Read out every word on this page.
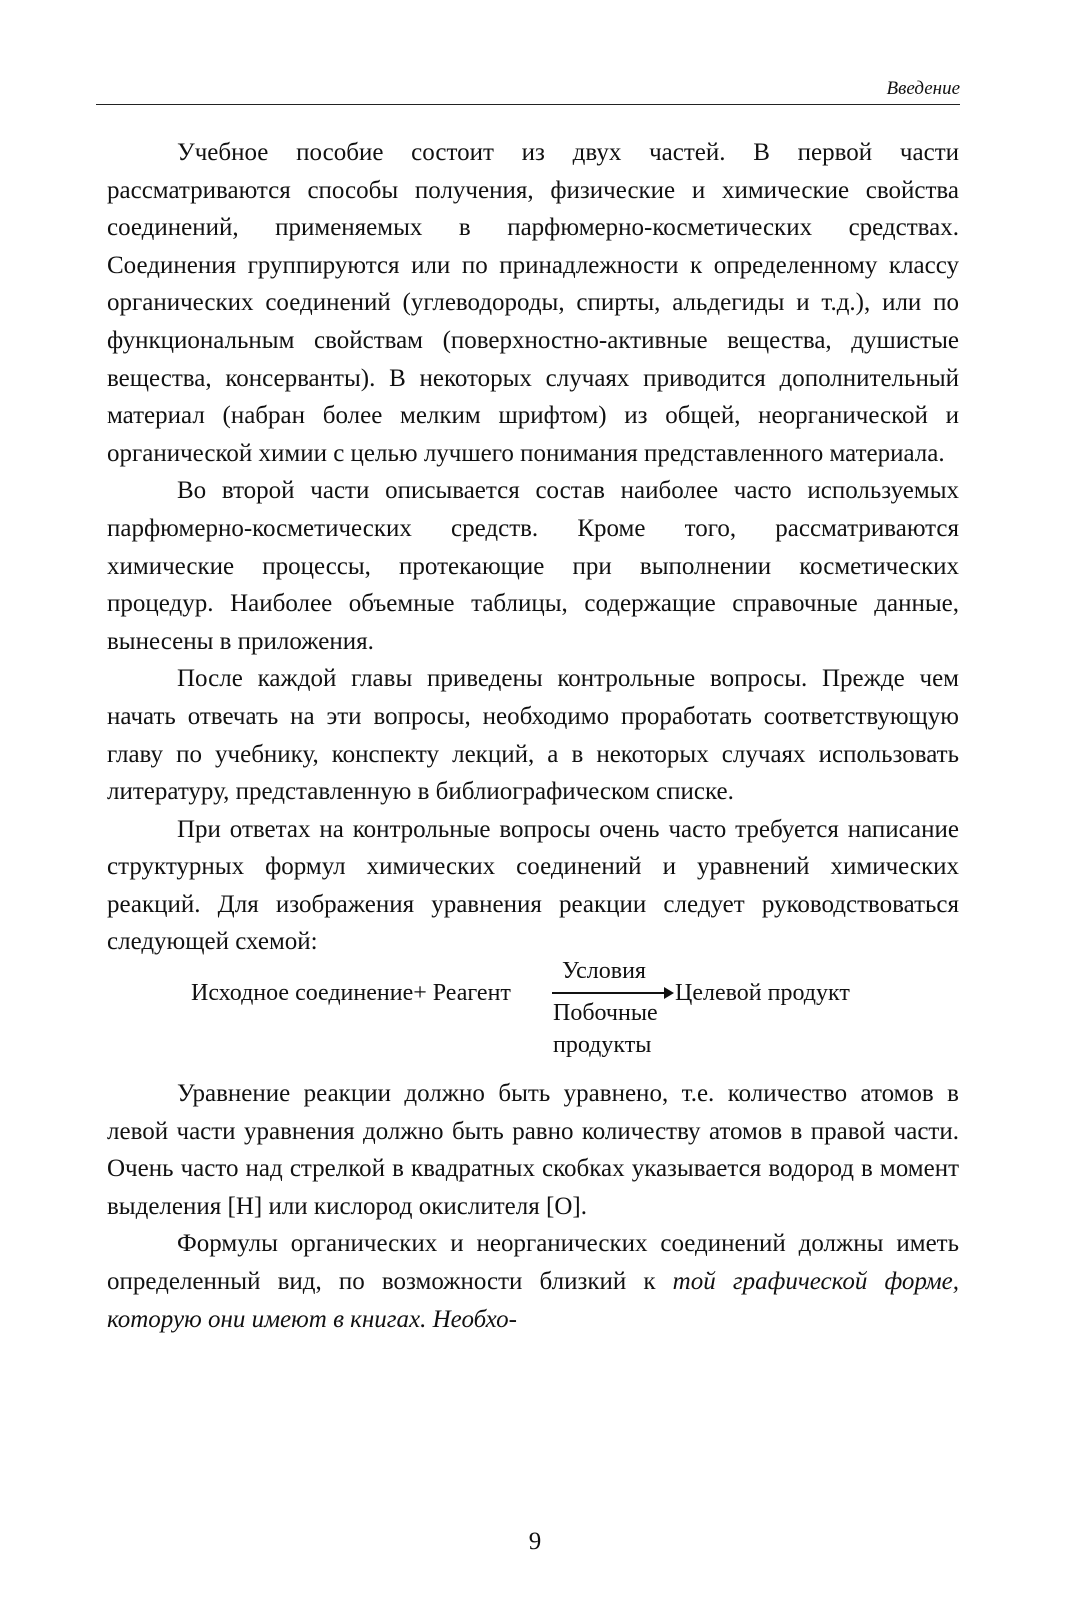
Введение

Учебное пособие состоит из двух частей. В первой части рассматриваются способы получения, физические и химические свойства соединений, применяемых в парфюмерно-косметических средствах. Соединения группируются или по принадлежности к определенному классу органических соединений (углеводороды, спирты, альдегиды и т.д.), или по функциональным свойствам (поверхностно-активные вещества, душистые вещества, консерванты). В некоторых случаях приводится дополнительный материал (набран более мелким шрифтом) из общей, неорганической и органической химии с целью лучшего понимания представленного материала.

Во второй части описывается состав наиболее часто используемых парфюмерно-косметических средств. Кроме того, рассматриваются химические процессы, протекающие при выполнении косметических процедур. Наиболее объемные таблицы, содержащие справочные данные, вынесены в приложения.

После каждой главы приведены контрольные вопросы. Прежде чем начать отвечать на эти вопросы, необходимо проработать соответствующую главу по учебнику, конспекту лекций, а в некоторых случаях использовать литературу, представленную в библиографическом списке.

При ответах на контрольные вопросы очень часто требуется написание структурных формул химических соединений и уравнений химических реакций. Для изображения уравнения реакции следует руководствоваться следующей схемой:

Исходное соединение+ Реагент
Условия
Целевой продукт
Побочные
продукты

Уравнение реакции должно быть уравнено, т.е. количество атомов в левой части уравнения должно быть равно количеству атомов в правой части. Очень часто над стрелкой в квадратных скобках указывается водород в момент выделения [H] или кислород окислителя [O].

Формулы органических и неорганических соединений должны иметь определенный вид, по возможности близкий к той графической форме, которую они имеют в книгах. Необхо-

9
